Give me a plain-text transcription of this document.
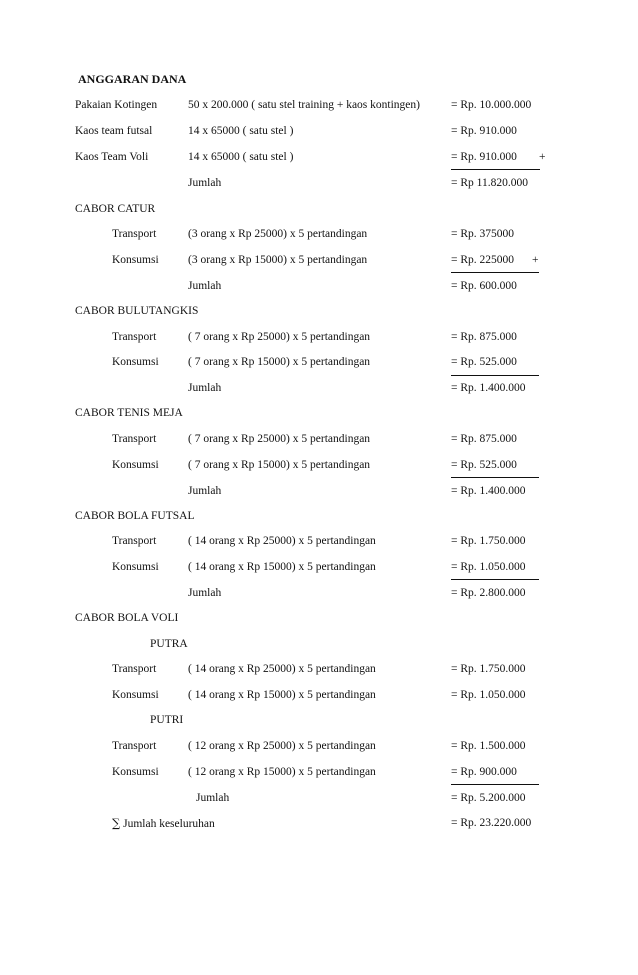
ANGGARAN DANA
Pakaian Kotingen	50 x 200.000 ( satu stel training + kaos kontingen)	= Rp. 10.000.000
Kaos team futsal	14 x 65000 ( satu stel )	= Rp. 910.000
Kaos Team Voli	14 x 65000 ( satu stel )	= Rp. 910.000 +
Jumlah	= Rp 11.820.000
CABOR CATUR
Transport	(3 orang x Rp 25000) x 5 pertandingan	= Rp. 375000
Konsumsi	(3 orang x Rp 15000) x 5 pertandingan	= Rp. 225000 +
Jumlah	= Rp. 600.000
CABOR BULUTANGKIS
Transport	( 7 orang x Rp 25000) x 5 pertandingan	= Rp. 875.000
Konsumsi	( 7 orang x Rp 15000) x 5 pertandingan	= Rp. 525.000
Jumlah	= Rp. 1.400.000
CABOR TENIS MEJA
Transport	( 7 orang x Rp 25000) x 5 pertandingan	= Rp. 875.000
Konsumsi	( 7 orang x Rp 15000) x 5 pertandingan	= Rp. 525.000
Jumlah	= Rp. 1.400.000
CABOR BOLA FUTSAL
Transport	( 14 orang x Rp 25000) x 5 pertandingan	= Rp. 1.750.000
Konsumsi	( 14 orang x Rp 15000) x 5 pertandingan	= Rp. 1.050.000
Jumlah	= Rp. 2.800.000
CABOR BOLA VOLI
PUTRA
Transport	( 14 orang x Rp 25000) x 5 pertandingan	= Rp. 1.750.000
Konsumsi	( 14 orang x Rp 15000) x 5 pertandingan	= Rp. 1.050.000
PUTRI
Transport	( 12 orang x Rp 25000) x 5 pertandingan	= Rp. 1.500.000
Konsumsi	( 12 orang x Rp 15000) x 5 pertandingan	= Rp. 900.000
Jumlah	= Rp. 5.200.000
∑ Jumlah keseluruhan	= Rp. 23.220.000
